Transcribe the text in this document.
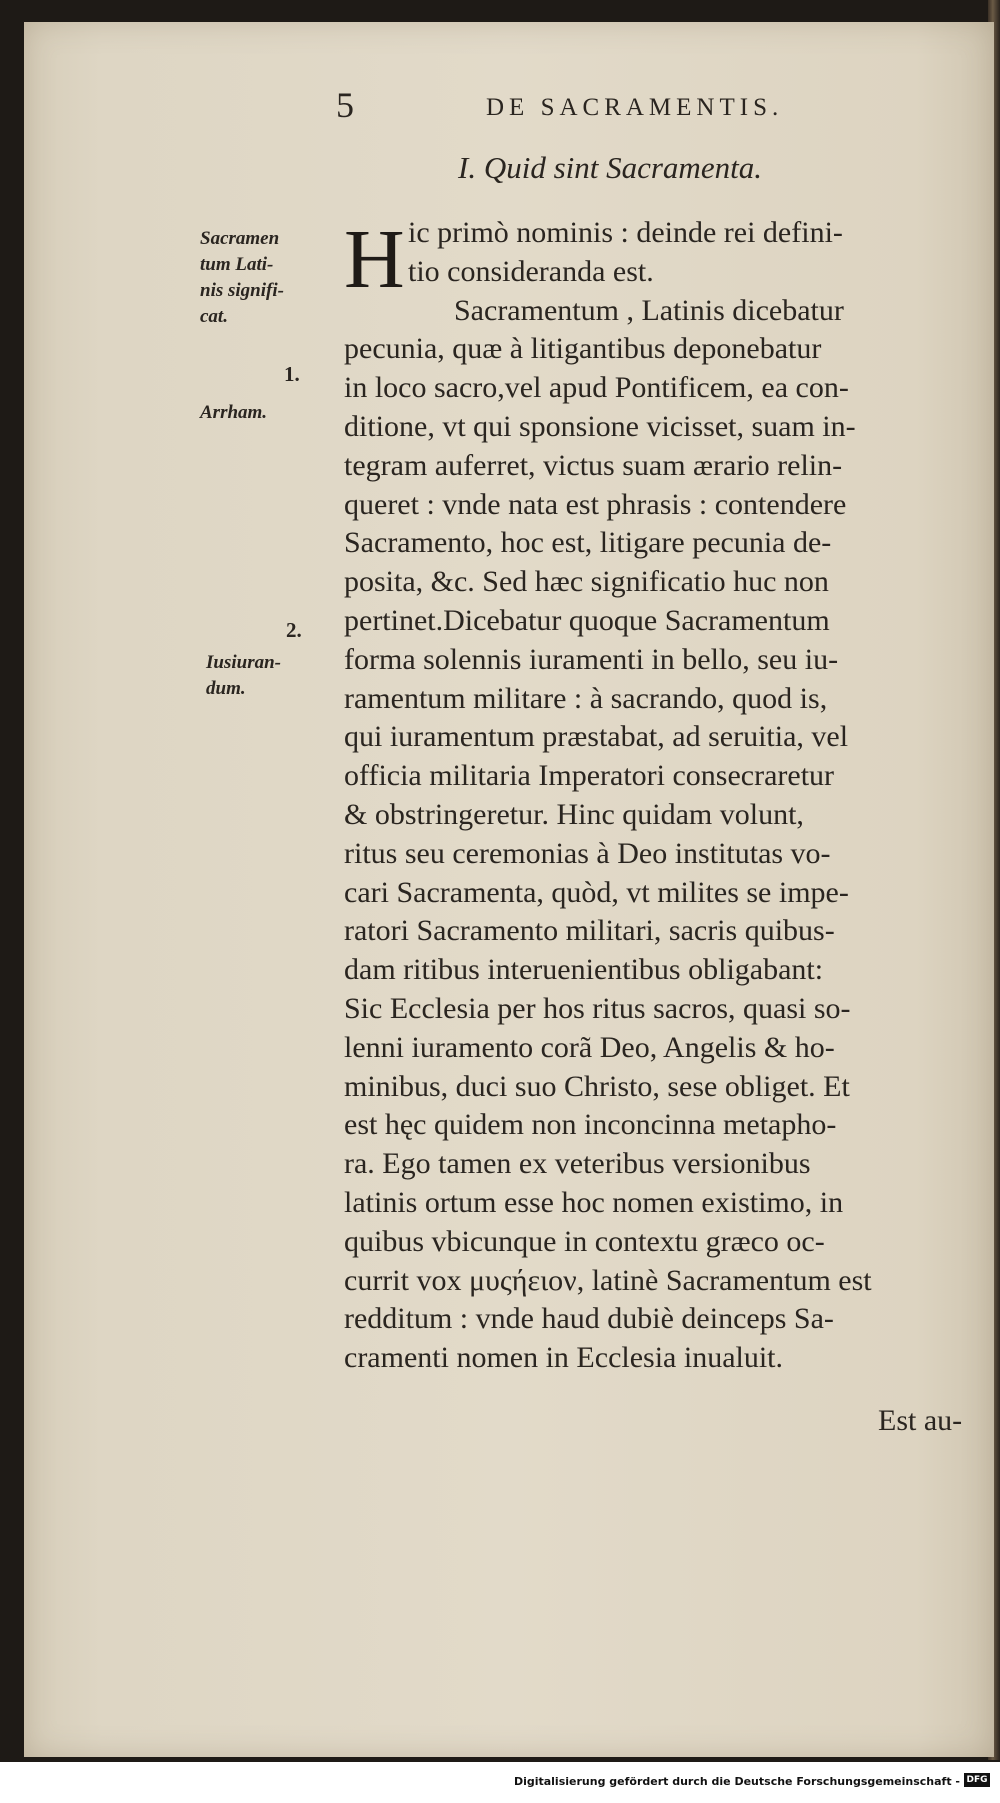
5	DE SACRAMENTIS.
I. Quid sint Sacramenta.
Sacramen
tum Lati-
nis signifi-
cat.
1.
Arrham.
2.
Iusiuran-
dum.
H ic primò nominis : deinde rei defini-
tio consideranda est.
Sacramentum , Latinis dicebatur
pecunia, quæ à litigantibus deponebatur
in loco sacro,vel apud Pontificem, ea con-
ditione, vt qui sponsione vicisset, suam in-
tegram auferret, victus suam ærario relin-
queret : vnde nata est phrasis : contendere
Sacramento, hoc est, litigare pecunia de-
posita, &c. Sed hæc significatio huc non
pertinet.Dicebatur quoque Sacramentum
forma solennis iuramenti in bello, seu iu-
ramentum militare : à sacrando, quod is,
qui iuramentum præstabat, ad seruitia, vel
officia militaria Imperatori consecraretur
& obstringeretur. Hinc quidam volunt,
ritus seu ceremonias à Deo institutas vo-
cari Sacramenta, quòd, vt milites se impe-
ratori Sacramento militari, sacris quibus-
dam ritibus interuenientibus obligabant:
Sic Ecclesia per hos ritus sacros, quasi so-
lenni iuramento corã Deo, Angelis & ho-
minibus, duci suo Christo, sese obliget. Et
est hęc quidem non inconcinna metapho-
ra. Ego tamen ex veteribus versionibus
latinis ortum esse hoc nomen existimo, in
quibus vbicunque in contextu græco oc-
currit vox μυςήειον, latinè Sacramentum est
redditum : vnde haud dubiè deinceps Sa-
cramenti nomen in Ecclesia inualuit.
Est au-
Digitalisierung gefördert durch die Deutsche Forschungsgemeinschaft - DFG
